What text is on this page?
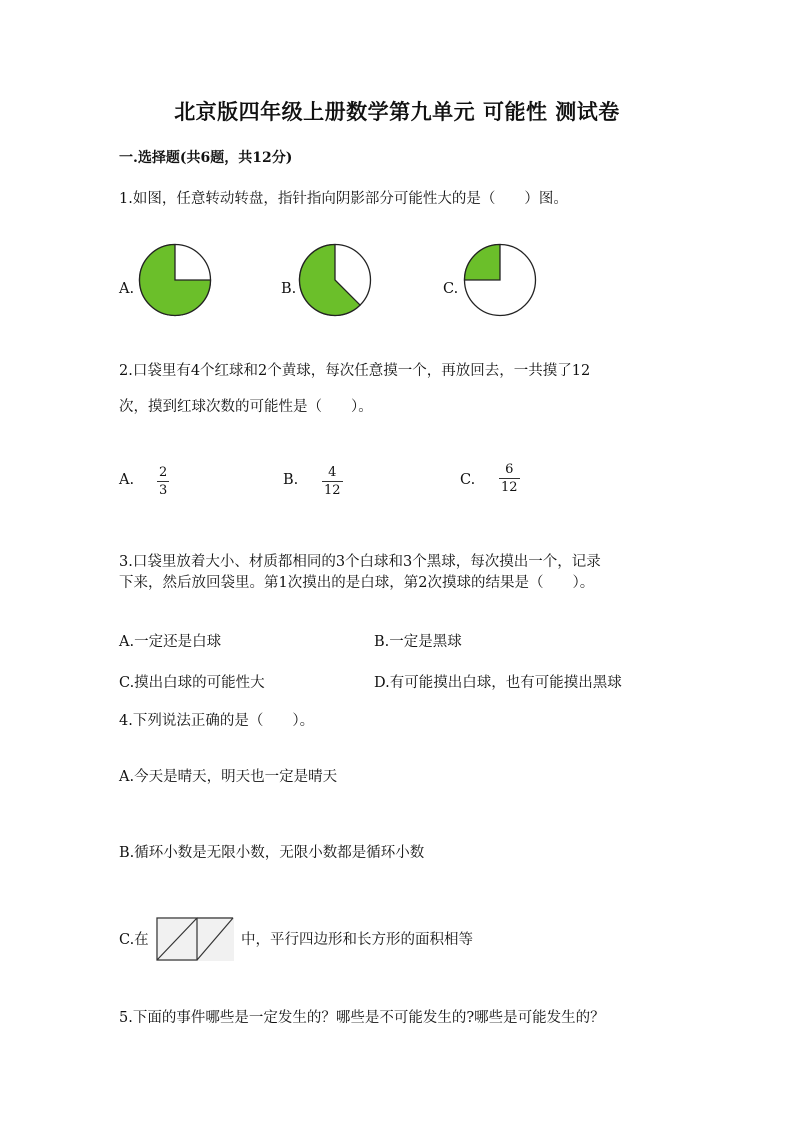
北京版四年级上册数学第九单元 可能性 测试卷
一.选择题(共6题，共12分)
1.如图，任意转动转盘，指针指向阴影部分可能性大的是（　　）图。
A.	B.	C.
2.口袋里有4个红球和2个黄球，每次任意摸一个，再放回去，一共摸了12
次，摸到红球次数的可能性是（　　）。
A. 2
3
B. 4
12
C.
6
12
3.口袋里放着大小、材质都相同的3个白球和3个黑球，每次摸出一个，记录
下来，然后放回袋里。第1次摸出的是白球，第2次摸球的结果是（　　）。
A.一定还是白球	B.一定是黑球
C.摸出白球的可能性大	D.有可能摸出白球，也有可能摸出黑球
4.下列说法正确的是（　　）。
A.今天是晴天，明天也一定是晴天
B.循环小数是无限小数，无限小数都是循环小数
C.在	中，平行四边形和长方形的面积相等
5.下面的事件哪些是一定发生的？哪些是不可能发生的?哪些是可能发生的？
